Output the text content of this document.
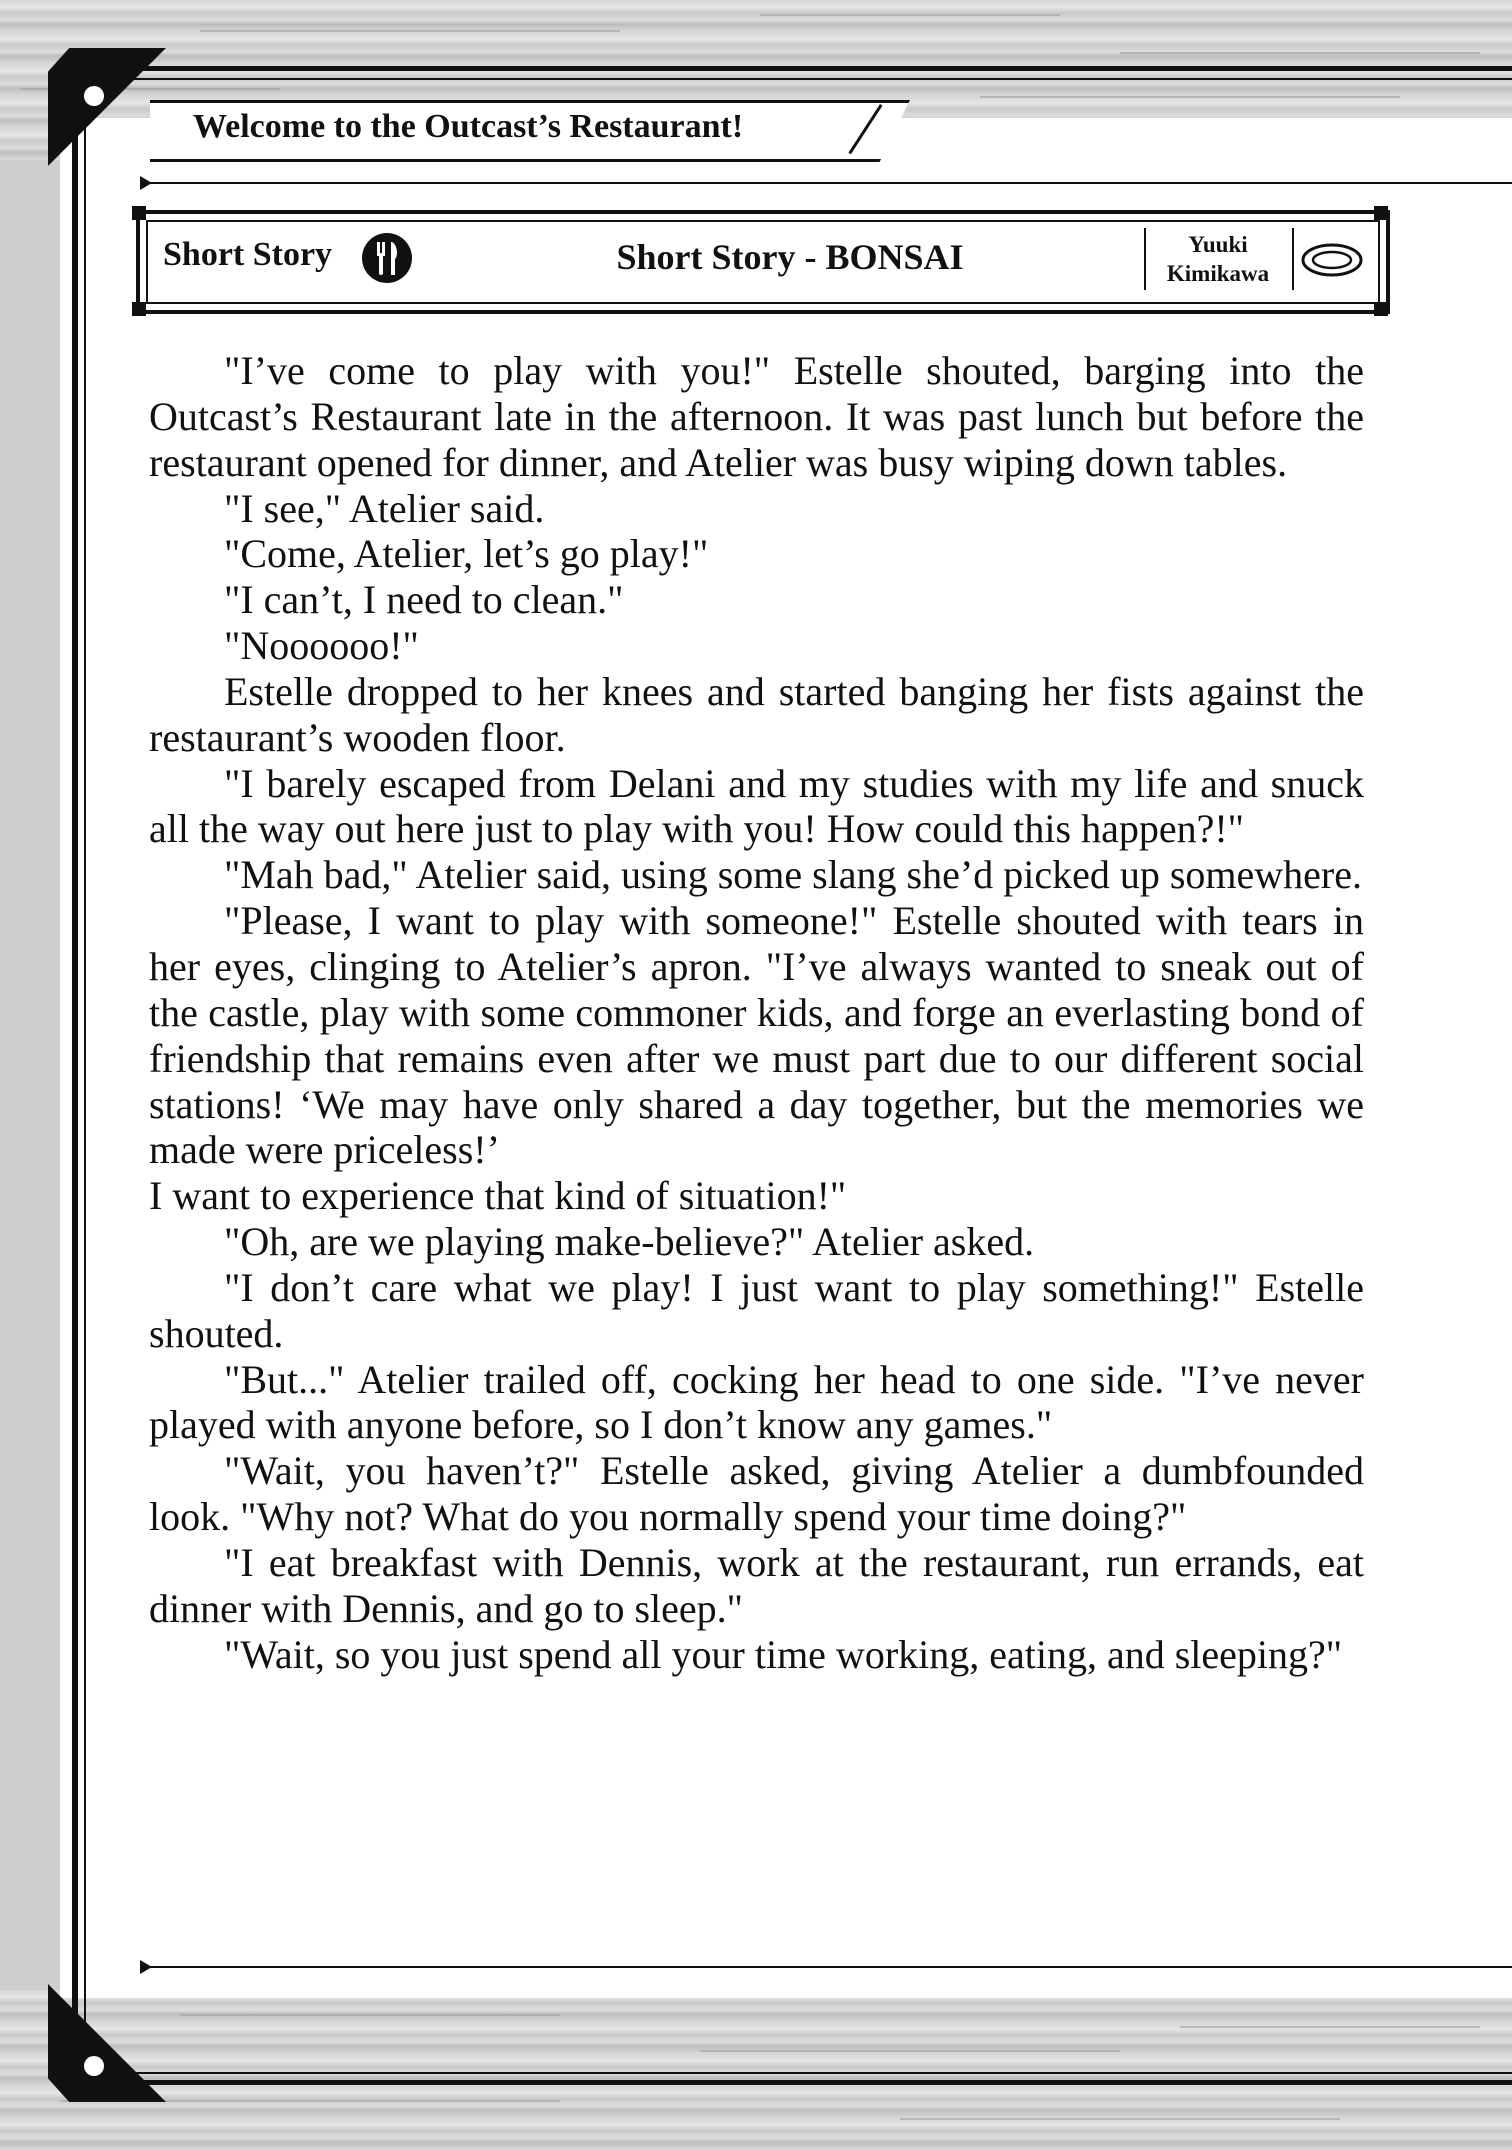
Welcome to the Outcast’s Restaurant!
Short Story	Short Story - BONSAI	Yuuki
Kimikawa

"I’ve come to play with you!" Estelle shouted, barging into the Outcast’s Restaurant late in the afternoon. It was past lunch but before the restaurant opened for dinner, and Atelier was busy wiping down tables.

"I see," Atelier said.

"Come, Atelier, let’s go play!"

"I can’t, I need to clean."

"Noooooo!"

Estelle dropped to her knees and started banging her fists against the restaurant’s wooden floor.

"I barely escaped from Delani and my studies with my life and snuck all the way out here just to play with you! How could this happen?!"

"Mah bad," Atelier said, using some slang she’d picked up somewhere.

"Please, I want to play with someone!" Estelle shouted with tears in her eyes, clinging to Atelier’s apron. "I’ve always wanted to sneak out of the castle, play with some commoner kids, and forge an everlasting bond of friendship that remains even after we must part due to our different social stations! ‘We may have only shared a day together, but the memories we made were priceless!’

I want to experience that kind of situation!"

"Oh, are we playing make-believe?" Atelier asked.

"I don’t care what we play! I just want to play something!" Estelle shouted.

"But..." Atelier trailed off, cocking her head to one side. "I’ve never played with anyone before, so I don’t know any games."

"Wait, you haven’t?" Estelle asked, giving Atelier a dumbfounded look. "Why not? What do you normally spend your time doing?"

"I eat breakfast with Dennis, work at the restaurant, run errands, eat dinner with Dennis, and go to sleep."

"Wait, so you just spend all your time working, eating, and sleeping?"
